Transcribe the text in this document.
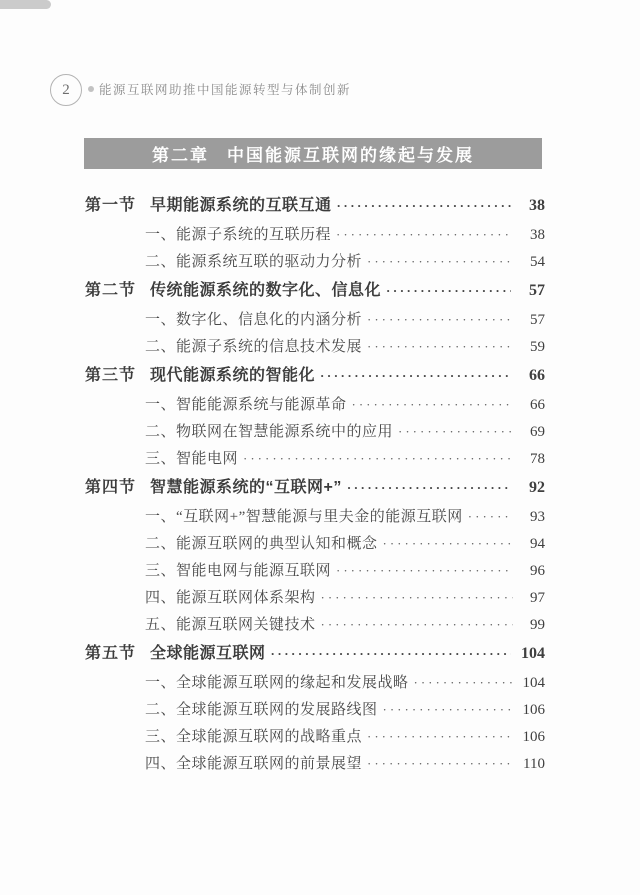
2 能源互联网助推中国能源转型与体制创新
第二章 中国能源互联网的缘起与发展
第一节 早期能源系统的互联互通 ·····	38
一、能源子系统的互联历程 ·····	38
二、能源系统互联的驱动力分析 ·····	54
第二节 传统能源系统的数字化、信息化 ·····	57
一、数字化、信息化的内涵分析 ·····	57
二、能源子系统的信息技术发展 ·····	59
第三节 现代能源系统的智能化 ·····	66
一、智能能源系统与能源革命 ·····	66
二、物联网在智慧能源系统中的应用 ·····	69
三、智能电网 ·····	78
第四节 智慧能源系统的“互联网+” ·····	92
一、“互联网+”智慧能源与里夫金的能源互联网 ·····	93
二、能源互联网的典型认知和概念 ·····	94
三、智能电网与能源互联网 ·····	96
四、能源互联网体系架构 ·····	97
五、能源互联网关键技术 ·····	99
第五节 全球能源互联网 ·····	104
一、全球能源互联网的缘起和发展战略 ·····	104
二、全球能源互联网的发展路线图 ·····	106
三、全球能源互联网的战略重点 ·····	106
四、全球能源互联网的前景展望 ·····	110
